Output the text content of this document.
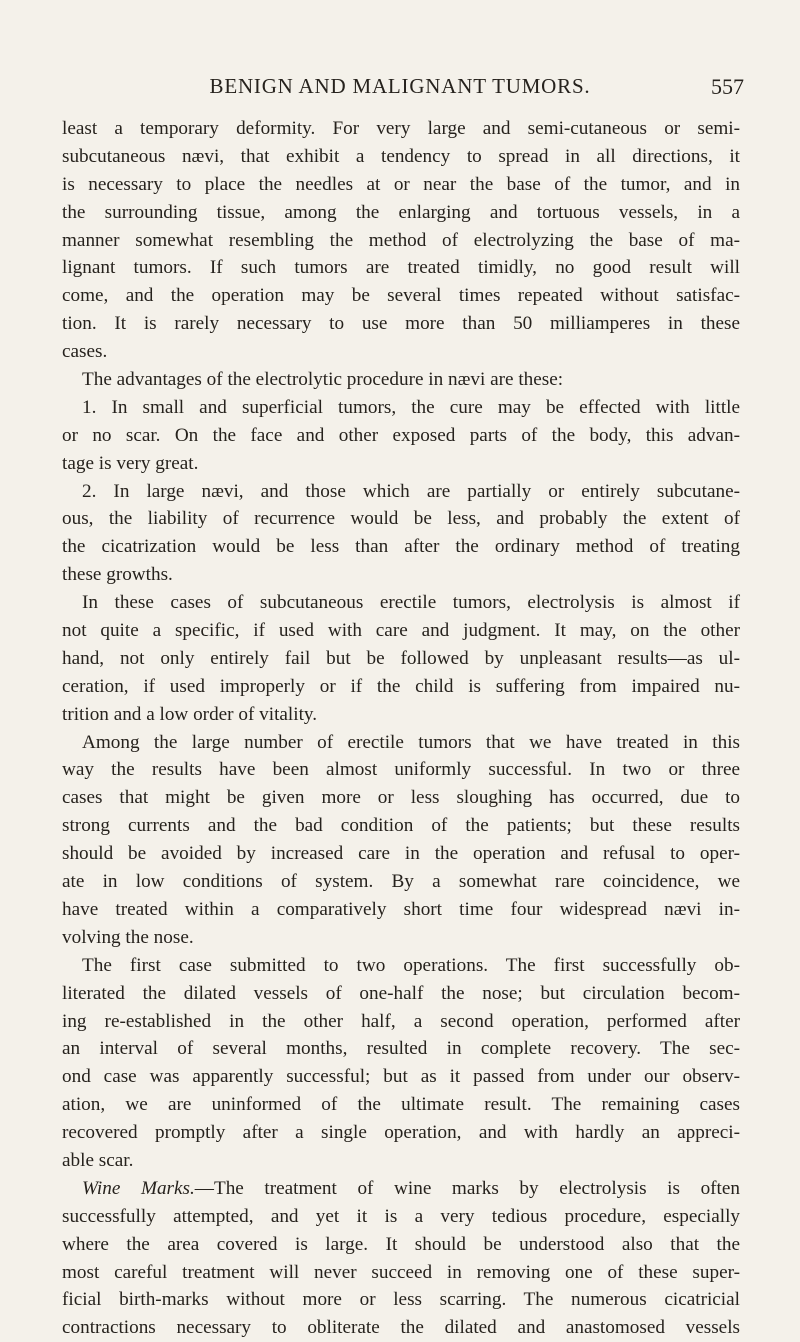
BENIGN AND MALIGNANT TUMORS.	557
least a temporary deformity. For very large and semi-cutaneous or semi-
subcutaneous nævi, that exhibit a tendency to spread in all directions, it
is necessary to place the needles at or near the base of the tumor, and in
the surrounding tissue, among the enlarging and tortuous vessels, in a
manner somewhat resembling the method of electrolyzing the base of ma-
lignant tumors. If such tumors are treated timidly, no good result will
come, and the operation may be several times repeated without satisfac-
tion. It is rarely necessary to use more than 50 milliamperes in these
cases.
The advantages of the electrolytic procedure in nævi are these:
1. In small and superficial tumors, the cure may be effected with little
or no scar. On the face and other exposed parts of the body, this advan-
tage is very great.
2. In large nævi, and those which are partially or entirely subcutane-
ous, the liability of recurrence would be less, and probably the extent of
the cicatrization would be less than after the ordinary method of treating
these growths.
In these cases of subcutaneous erectile tumors, electrolysis is almost if
not quite a specific, if used with care and judgment. It may, on the other
hand, not only entirely fail but be followed by unpleasant results—as ul-
ceration, if used improperly or if the child is suffering from impaired nu-
trition and a low order of vitality.
Among the large number of erectile tumors that we have treated in this
way the results have been almost uniformly successful. In two or three
cases that might be given more or less sloughing has occurred, due to
strong currents and the bad condition of the patients; but these results
should be avoided by increased care in the operation and refusal to oper-
ate in low conditions of system. By a somewhat rare coincidence, we
have treated within a comparatively short time four widespread nævi in-
volving the nose.
The first case submitted to two operations. The first successfully ob-
literated the dilated vessels of one-half the nose; but circulation becom-
ing re-established in the other half, a second operation, performed after
an interval of several months, resulted in complete recovery. The sec-
ond case was apparently successful; but as it passed from under our observ-
ation, we are uninformed of the ultimate result. The remaining cases
recovered promptly after a single operation, and with hardly an appreci-
able scar.
Wine Marks.—The treatment of wine marks by electrolysis is often
successfully attempted, and yet it is a very tedious procedure, especially
where the area covered is large. It should be understood also that the
most careful treatment will never succeed in removing one of these super-
ficial birth-marks without more or less scarring. The numerous cicatricial
contractions necessary to obliterate the dilated and anastomosed vessels
